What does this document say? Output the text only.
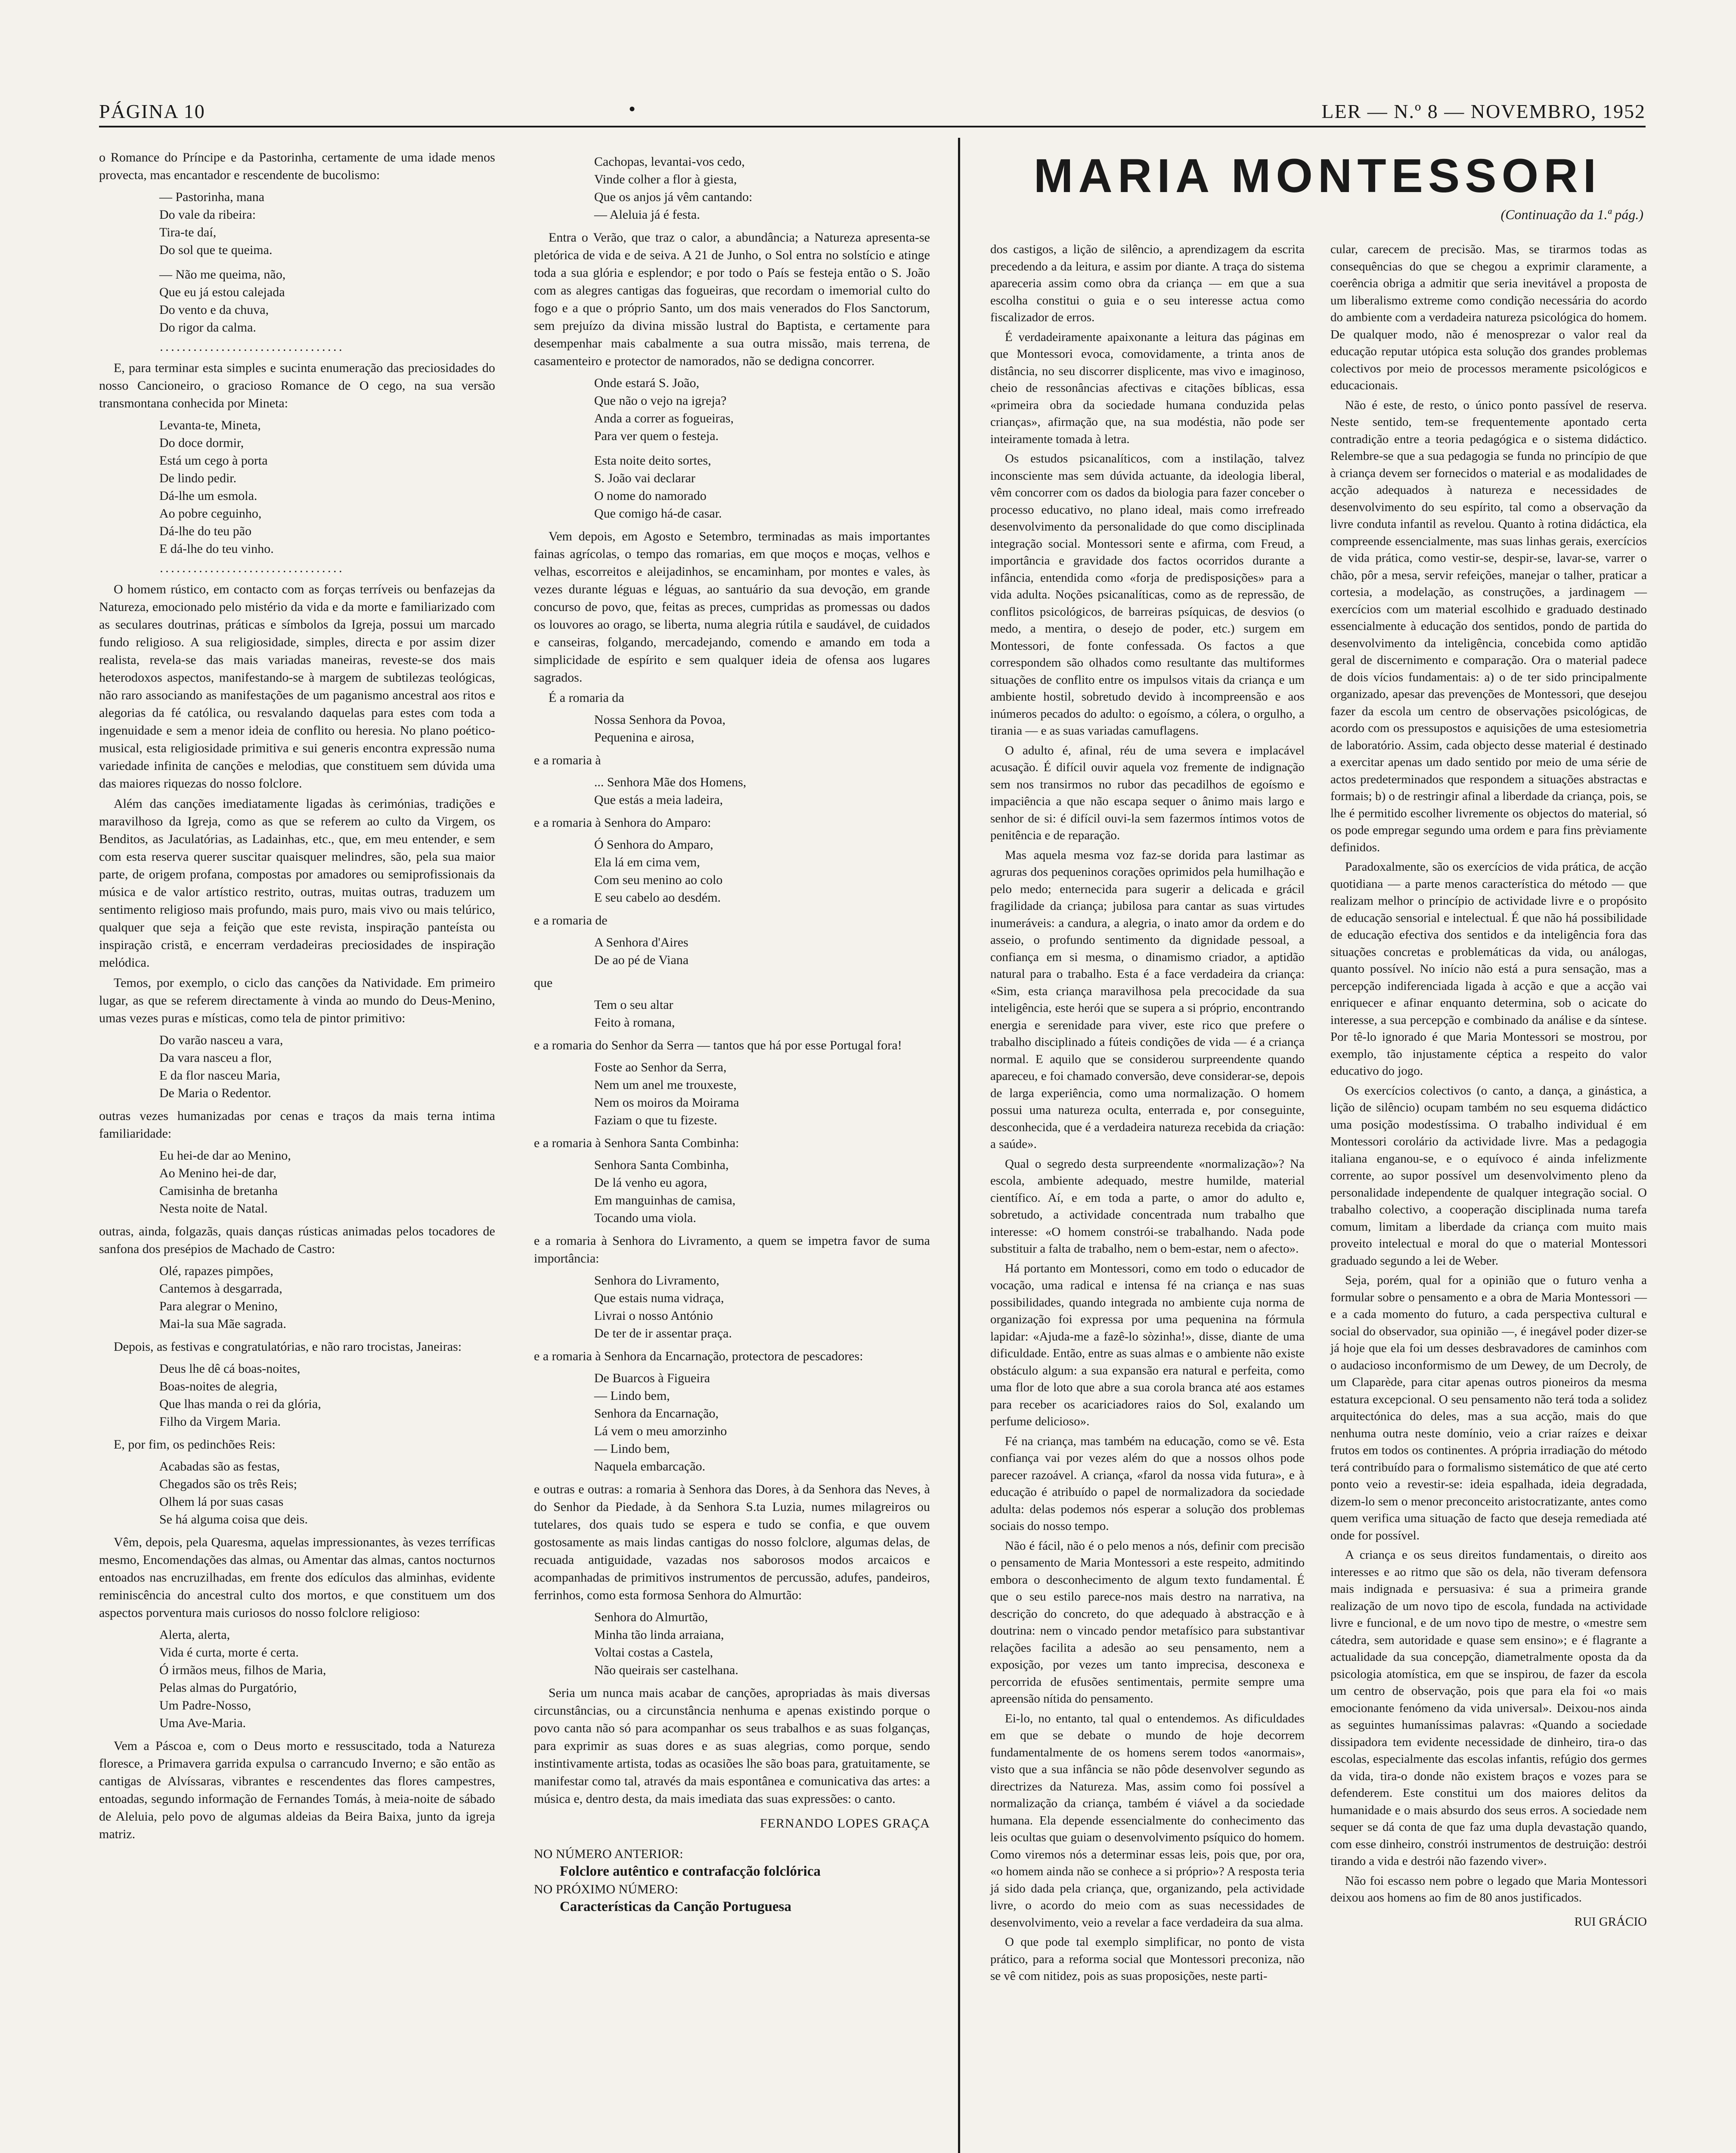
PÁGINA 10	•	LER — N.º 8 — NOVEMBRO, 1952

o Romance do Príncipe e da Pastorinha, certamente de uma idade menos provecta, mas encantador e rescendente de bucolismo:

— Pastorinha, mana
Do vale da ribeira:
Tira-te daí,
Do sol que te queima.
— Não me queima, não,
Que eu já estou calejada
Do vento e da chuva,
Do rigor da calma.
·································

E, para terminar esta simples e sucinta enumeração das preciosidades do nosso Cancioneiro, o gracioso Romance de O cego, na sua versão transmontana conhecida por Mineta:

Levanta-te, Mineta,
Do doce dormir,
Está um cego à porta
De lindo pedir.
Dá-lhe um esmola.
Ao pobre ceguinho,
Dá-lhe do teu pão
E dá-lhe do teu vinho.
·································

O homem rústico, em contacto com as forças terríveis ou benfazejas da Natureza, emocionado pelo mistério da vida e da morte e familiarizado com as seculares doutrinas, práticas e símbolos da Igreja, possui um marcado fundo religioso. A sua religiosidade, simples, directa e por assim dizer realista, revela-se das mais variadas maneiras, reveste-se dos mais heterodoxos aspectos, manifestando-se à margem de subtilezas teológicas, não raro associando as manifestações de um paganismo ancestral aos ritos e alegorias da fé católica, ou resvalando daquelas para estes com toda a ingenuidade e sem a menor ideia de conflito ou heresia. No plano poético-musical, esta religiosidade primitiva e sui generis encontra expressão numa variedade infinita de canções e melodias, que constituem sem dúvida uma das maiores riquezas do nosso folclore.

Além das canções imediatamente ligadas às cerimónias, tradições e maravilhoso da Igreja, como as que se referem ao culto da Virgem, os Benditos, as Jaculatórias, as Ladainhas, etc., que, em meu entender, e sem com esta reserva querer suscitar quaisquer melindres, são, pela sua maior parte, de origem profana, compostas por amadores ou semiprofissionais da música e de valor artístico restrito, outras, muitas outras, traduzem um sentimento religioso mais profundo, mais puro, mais vivo ou mais telúrico, qualquer que seja a feição que este revista, inspiração panteísta ou inspiração cristã, e encerram verdadeiras preciosidades de inspiração melódica.

Temos, por exemplo, o ciclo das canções da Natividade. Em primeiro lugar, as que se referem directamente à vinda ao mundo do Deus-Menino, umas vezes puras e místicas, como tela de pintor primitivo:

Do varão nasceu a vara,
Da vara nasceu a flor,
E da flor nasceu Maria,
De Maria o Redentor.

outras vezes humanizadas por cenas e traços da mais terna intima familiaridade:

Eu hei-de dar ao Menino,
Ao Menino hei-de dar,
Camisinha de bretanha
Nesta noite de Natal.

outras, ainda, folgazãs, quais danças rústicas animadas pelos tocadores de sanfona dos presépios de Machado de Castro:

Olé, rapazes pimpões,
Cantemos à desgarrada,
Para alegrar o Menino,
Mai-la sua Mãe sagrada.

Depois, as festivas e congratulatórias, e não raro trocistas, Janeiras:

Deus lhe dê cá boas-noites,
Boas-noites de alegria,
Que lhas manda o rei da glória,
Filho da Virgem Maria.

E, por fim, os pedinchões Reis:

Acabadas são as festas,
Chegados são os três Reis;
Olhem lá por suas casas
Se há alguma coisa que deis.

Vêm, depois, pela Quaresma, aquelas impressionantes, às vezes terríficas mesmo, Encomendações das almas, ou Amentar das almas, cantos nocturnos entoados nas encruzilhadas, em frente dos edículos das alminhas, evidente reminiscência do ancestral culto dos mortos, e que constituem um dos aspectos porventura mais curiosos do nosso folclore religioso:

Alerta, alerta,
Vida é curta, morte é certa.
Ó irmãos meus, filhos de Maria,
Pelas almas do Purgatório,
Um Padre-Nosso,
Uma Ave-Maria.

Vem a Páscoa e, com o Deus morto e ressuscitado, toda a Natureza floresce, a Primavera garrida expulsa o carrancudo Inverno; e são então as cantigas de Alvíssaras, vibrantes e rescendentes das flores campestres, entoadas, segundo informação de Fernandes Tomás, à meia-noite de sábado de Aleluia, pelo povo de algumas aldeias da Beira Baixa, junto da igreja matriz.

Cachopas, levantai-vos cedo,
Vinde colher a flor à giesta,
Que os anjos já vêm cantando:
— Aleluia já é festa.

Entra o Verão, que traz o calor, a abundância; a Natureza apresenta-se pletórica de vida e de seiva. A 21 de Junho, o Sol entra no solstício e atinge toda a sua glória e esplendor; e por todo o País se festeja então o S. João com as alegres cantigas das fogueiras, que recordam o imemorial culto do fogo e a que o próprio Santo, um dos mais venerados do Flos Sanctorum, sem prejuízo da divina missão lustral do Baptista, e certamente para desempenhar mais cabalmente a sua outra missão, mais terrena, de casamenteiro e protector de namorados, não se dedigna concorrer.

Onde estará S. João,
Que não o vejo na igreja?
Anda a correr as fogueiras,
Para ver quem o festeja.
Esta noite deito sortes,
S. João vai declarar
O nome do namorado
Que comigo há-de casar.

Vem depois, em Agosto e Setembro, terminadas as mais importantes fainas agrícolas, o tempo das romarias, em que moços e moças, velhos e velhas, escorreitos e aleijadinhos, se encaminham, por montes e vales, às vezes durante léguas e léguas, ao santuário da sua devoção, em grande concurso de povo, que, feitas as preces, cumpridas as promessas ou dados os louvores ao orago, se liberta, numa alegria rútila e saudável, de cuidados e canseiras, folgando, mercadejando, comendo e amando em toda a simplicidade de espírito e sem qualquer ideia de ofensa aos lugares sagrados.

É a romaria da

Nossa Senhora da Povoa,
Pequenina e airosa,

e a romaria à

... Senhora Mãe dos Homens,
Que estás a meia ladeira,

e a romaria à Senhora do Amparo:

Ó Senhora do Amparo,
Ela lá em cima vem,
Com seu menino ao colo
E seu cabelo ao desdém.

e a romaria de

A Senhora d'Aires
De ao pé de Viana

que

Tem o seu altar
Feito à romana,

e a romaria do Senhor da Serra — tantos que há por esse Portugal fora!

Foste ao Senhor da Serra,
Nem um anel me trouxeste,
Nem os moiros da Moirama
Faziam o que tu fizeste.

e a romaria à Senhora Santa Combinha:

Senhora Santa Combinha,
De lá venho eu agora,
Em manguinhas de camisa,
Tocando uma viola.

e a romaria à Senhora do Livramento, a quem se impetra favor de suma importância:

Senhora do Livramento,
Que estais numa vidraça,
Livrai o nosso António
De ter de ir assentar praça.

e a romaria à Senhora da Encarnação, protectora de pescadores:

De Buarcos à Figueira
— Lindo bem,
Senhora da Encarnação,
Lá vem o meu amorzinho
— Lindo bem,
Naquela embarcação.

e outras e outras: a romaria à Senhora das Dores, à da Senhora das Neves, à do Senhor da Piedade, à da Senhora S.ta Luzia, numes milagreiros ou tutelares, dos quais tudo se espera e tudo se confia, e que ouvem gostosamente as mais lindas cantigas do nosso folclore, algumas delas, de recuada antiguidade, vazadas nos saborosos modos arcaicos e acompanhadas de primitivos instrumentos de percussão, adufes, pandeiros, ferrinhos, como esta formosa Senhora do Almurtão:

Senhora do Almurtão,
Minha tão linda arraiana,
Voltai costas a Castela,
Não queirais ser castelhana.

Seria um nunca mais acabar de canções, apropriadas às mais diversas circunstâncias, ou a circunstância nenhuma e apenas existindo porque o povo canta não só para acompanhar os seus trabalhos e as suas folganças, para exprimir as suas dores e as suas alegrias, como porque, sendo instintivamente artista, todas as ocasiões lhe são boas para, gratuitamente, se manifestar como tal, através da mais espontânea e comunicativa das artes: a música e, dentro desta, da mais imediata das suas expressões: o canto.

FERNANDO LOPES GRAÇA
NO NÚMERO ANTERIOR:
Folclore autêntico e contrafacção folclórica
NO PRÓXIMO NÚMERO:
Características da Canção Portuguesa
MARIA MONTESSORI
(Continuação da 1.ª pág.)

dos castigos, a lição de silêncio, a aprendizagem da escrita precedendo a da leitura, e assim por diante. A traça do sistema apareceria assim como obra da criança — em que a sua escolha constitui o guia e o seu interesse actua como fiscalizador de erros.

É verdadeiramente apaixonante a leitura das páginas em que Montessori evoca, comovidamente, a trinta anos de distância, no seu discorrer displicente, mas vivo e imaginoso, cheio de ressonâncias afectivas e citações bíblicas, essa «primeira obra da sociedade humana conduzida pelas crianças», afirmação que, na sua modéstia, não pode ser inteiramente tomada à letra.

Os estudos psicanalíticos, com a instilação, talvez inconsciente mas sem dúvida actuante, da ideologia liberal, vêm concorrer com os dados da biologia para fazer conceber o processo educativo, no plano ideal, mais como irrefreado desenvolvimento da personalidade do que como disciplinada integração social. Montessori sente e afirma, com Freud, a importância e gravidade dos factos ocorridos durante a infância, entendida como «forja de predisposições» para a vida adulta. Noções psicanalíticas, como as de repressão, de conflitos psicológicos, de barreiras psíquicas, de desvios (o medo, a mentira, o desejo de poder, etc.) surgem em Montessori, de fonte confessada. Os factos a que correspondem são olhados como resultante das multiformes situações de conflito entre os impulsos vitais da criança e um ambiente hostil, sobretudo devido à incompreensão e aos inúmeros pecados do adulto: o egoísmo, a cólera, o orgulho, a tirania — e as suas variadas camuflagens.

O adulto é, afinal, réu de uma severa e implacável acusação. É difícil ouvir aquela voz fremente de indignação sem nos transirmos no rubor das pecadilhos de egoísmo e impaciência a que não escapa sequer o ânimo mais largo e senhor de si: é difícil ouvi-la sem fazermos íntimos votos de penitência e de reparação.

Mas aquela mesma voz faz-se dorida para lastimar as agruras dos pequeninos corações oprimidos pela humilhação e pelo medo; enternecida para sugerir a delicada e grácil fragilidade da criança; jubilosa para cantar as suas virtudes inumeráveis: a candura, a alegria, o inato amor da ordem e do asseio, o profundo sentimento da dignidade pessoal, a confiança em si mesma, o dinamismo criador, a aptidão natural para o trabalho. Esta é a face verdadeira da criança: «Sim, esta criança maravilhosa pela precocidade da sua inteligência, este herói que se supera a si próprio, encontrando energia e serenidade para viver, este rico que prefere o trabalho disciplinado a fúteis condições de vida — é a criança normal. E aquilo que se considerou surpreendente quando apareceu, e foi chamado conversão, deve considerar-se, depois de larga experiência, como uma normalização. O homem possui uma natureza oculta, enterrada e, por conseguinte, desconhecida, que é a verdadeira natureza recebida da criação: a saúde».

Qual o segredo desta surpreendente «normalização»? Na escola, ambiente adequado, mestre humilde, material científico. Aí, e em toda a parte, o amor do adulto e, sobretudo, a actividade concentrada num trabalho que interesse: «O homem constrói-se trabalhando. Nada pode substituir a falta de trabalho, nem o bem-estar, nem o afecto».

Há portanto em Montessori, como em todo o educador de vocação, uma radical e intensa fé na criança e nas suas possibilidades, quando integrada no ambiente cuja norma de organização foi expressa por uma pequenina na fórmula lapidar: «Ajuda-me a fazê-lo sòzinha!», disse, diante de uma dificuldade. Então, entre as suas almas e o ambiente não existe obstáculo algum: a sua expansão era natural e perfeita, como uma flor de loto que abre a sua corola branca até aos estames para receber os acariciadores raios do Sol, exalando um perfume delicioso».

Fé na criança, mas também na educação, como se vê. Esta confiança vai por vezes além do que a nossos olhos pode parecer razoável. A criança, «farol da nossa vida futura», e à educação é atribuído o papel de normalizadora da sociedade adulta: delas podemos nós esperar a solução dos problemas sociais do nosso tempo.

Não é fácil, não é o pelo menos a nós, definir com precisão o pensamento de Maria Montessori a este respeito, admitindo embora o desconhecimento de algum texto fundamental. É que o seu estilo parece-nos mais destro na narrativa, na descrição do concreto, do que adequado à abstracção e à doutrina: nem o vincado pendor metafísico para substantivar relações facilita a adesão ao seu pensamento, nem a exposição, por vezes um tanto imprecisa, desconexa e percorrida de efusões sentimentais, permite sempre uma apreensão nítida do pensamento.

Ei-lo, no entanto, tal qual o entendemos. As dificuldades em que se debate o mundo de hoje decorrem fundamentalmente de os homens serem todos «anormais», visto que a sua infância se não pôde desenvolver segundo as directrizes da Natureza. Mas, assim como foi possível a normalização da criança, também é viável a da sociedade humana. Ela depende essencialmente do conhecimento das leis ocultas que guiam o desenvolvimento psíquico do homem. Como viremos nós a determinar essas leis, pois que, por ora, «o homem ainda não se conhece a si próprio»? A resposta teria já sido dada pela criança, que, organizando, pela actividade livre, o acordo do meio com as suas necessidades de desenvolvimento, veio a revelar a face verdadeira da sua alma.

O que pode tal exemplo simplificar, no ponto de vista prático, para a reforma social que Montessori preconiza, não se vê com nitidez, pois as suas proposições, neste parti-

cular, carecem de precisão. Mas, se tirarmos todas as consequências do que se chegou a exprimir claramente, a coerência obriga a admitir que seria inevitável a proposta de um liberalismo extreme como condição necessária do acordo do ambiente com a verdadeira natureza psicológica do homem. De qualquer modo, não é menosprezar o valor real da educação reputar utópica esta solução dos grandes problemas colectivos por meio de processos meramente psicológicos e educacionais.

Não é este, de resto, o único ponto passível de reserva. Neste sentido, tem-se frequentemente apontado certa contradição entre a teoria pedagógica e o sistema didáctico. Relembre-se que a sua pedagogia se funda no princípio de que à criança devem ser fornecidos o material e as modalidades de acção adequados à natureza e necessidades de desenvolvimento do seu espírito, tal como a observação da livre conduta infantil as revelou. Quanto à rotina didáctica, ela compreende essencialmente, mas suas linhas gerais, exercícios de vida prática, como vestir-se, despir-se, lavar-se, varrer o chão, pôr a mesa, servir refeições, manejar o talher, praticar a cortesia, a modelação, as construções, a jardinagem — exercícios com um material escolhido e graduado destinado essencialmente à educação dos sentidos, pondo de partida do desenvolvimento da inteligência, concebida como aptidão geral de discernimento e comparação. Ora o material padece de dois vícios fundamentais: a) o de ter sido principalmente organizado, apesar das prevenções de Montessori, que desejou fazer da escola um centro de observações psicológicas, de acordo com os pressupostos e aquisições de uma estesiometria de laboratório. Assim, cada objecto desse material é destinado a exercitar apenas um dado sentido por meio de uma série de actos predeterminados que respondem a situações abstractas e formais; b) o de restringir afinal a liberdade da criança, pois, se lhe é permitido escolher livremente os objectos do material, só os pode empregar segundo uma ordem e para fins prèviamente definidos.

Paradoxalmente, são os exercícios de vida prática, de acção quotidiana — a parte menos característica do método — que realizam melhor o princípio de actividade livre e o propósito de educação sensorial e intelectual. É que não há possibilidade de educação efectiva dos sentidos e da inteligência fora das situações concretas e problemáticas da vida, ou análogas, quanto possível. No início não está a pura sensação, mas a percepção indiferenciada ligada à acção e que a acção vai enriquecer e afinar enquanto determina, sob o acicate do interesse, a sua percepção e combinado da análise e da síntese. Por tê-lo ignorado é que Maria Montessori se mostrou, por exemplo, tão injustamente céptica a respeito do valor educativo do jogo.

Os exercícios colectivos (o canto, a dança, a ginástica, a lição de silêncio) ocupam também no seu esquema didáctico uma posição modestíssima. O trabalho individual é em Montessori corolário da actividade livre. Mas a pedagogia italiana enganou-se, e o equívoco é ainda infelizmente corrente, ao supor possível um desenvolvimento pleno da personalidade independente de qualquer integração social. O trabalho colectivo, a cooperação disciplinada numa tarefa comum, limitam a liberdade da criança com muito mais proveito intelectual e moral do que o material Montessori graduado segundo a lei de Weber.

Seja, porém, qual for a opinião que o futuro venha a formular sobre o pensamento e a obra de Maria Montessori — e a cada momento do futuro, a cada perspectiva cultural e social do observador, sua opinião —, é inegável poder dizer-se já hoje que ela foi um desses desbravadores de caminhos com o audacioso inconformismo de um Dewey, de um Decroly, de um Claparède, para citar apenas outros pioneiros da mesma estatura excepcional. O seu pensamento não terá toda a solidez arquitectónica do deles, mas a sua acção, mais do que nenhuma outra neste domínio, veio a criar raízes e deixar frutos em todos os continentes. A própria irradiação do método terá contribuído para o formalismo sistemático de que até certo ponto veio a revestir-se: ideia espalhada, ideia degradada, dizem-lo sem o menor preconceito aristocratizante, antes como quem verifica uma situação de facto que deseja remediada até onde for possível.

A criança e os seus direitos fundamentais, o direito aos interesses e ao ritmo que são os dela, não tiveram defensora mais indignada e persuasiva: é sua a primeira grande realização de um novo tipo de escola, fundada na actividade livre e funcional, e de um novo tipo de mestre, o «mestre sem cátedra, sem autoridade e quase sem ensino»; e é flagrante a actualidade da sua concepção, diametralmente oposta da da psicologia atomística, em que se inspirou, de fazer da escola um centro de observação, pois que para ela foi «o mais emocionante fenómeno da vida universal». Deixou-nos ainda as seguintes humaníssimas palavras: «Quando a sociedade dissipadora tem evidente necessidade de dinheiro, tira-o das escolas, especialmente das escolas infantis, refúgio dos germes da vida, tira-o donde não existem braços e vozes para se defenderem. Este constitui um dos maiores delitos da humanidade e o mais absurdo dos seus erros. A sociedade nem sequer se dá conta de que faz uma dupla devastação quando, com esse dinheiro, constrói instrumentos de destruição: destrói tirando a vida e destrói não fazendo viver».

Não foi escasso nem pobre o legado que Maria Montessori deixou aos homens ao fim de 80 anos justificados.

RUI GRÁCIO
